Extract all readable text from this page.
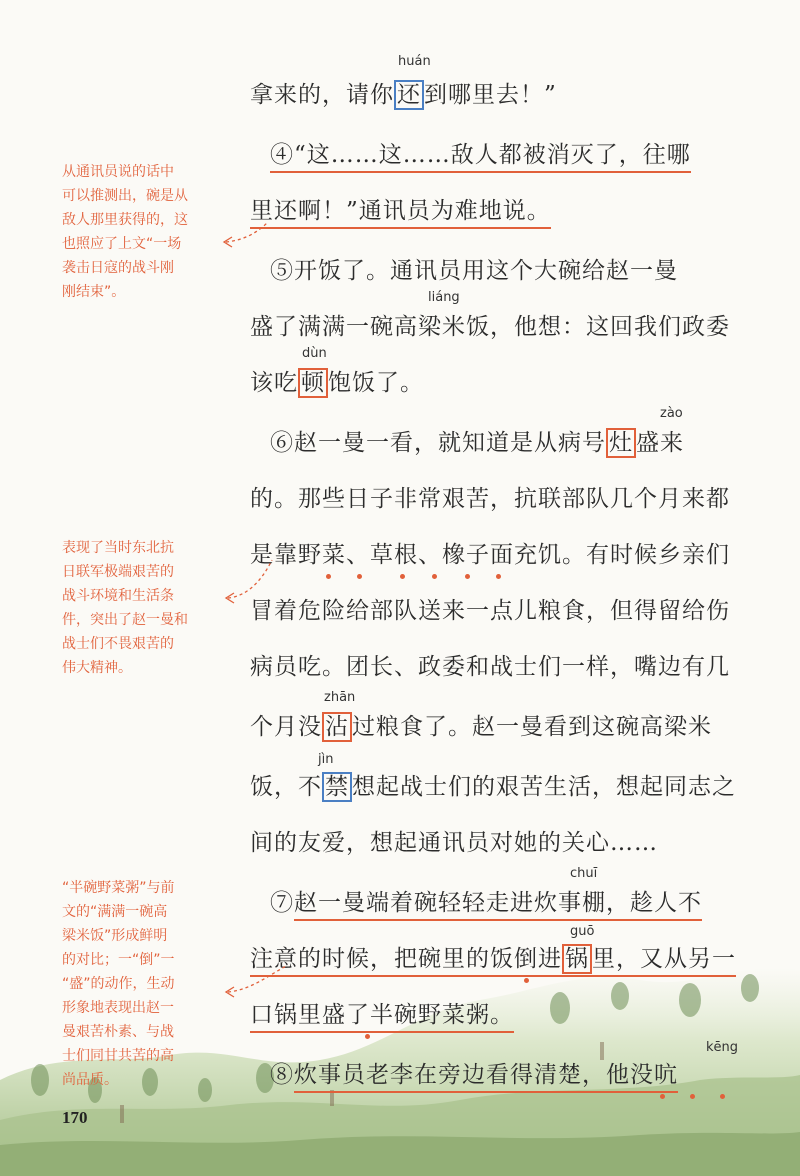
拿来的，请你 还 到哪里去！”
huán
④“这……这……敌人都被消灭了，往哪
里还啊！”通讯员为难地说。
⑤开饭了。通讯员用这个大碗给赵一曼
盛了满满一碗高梁米饭，他想：这回我们政委
liáng
该吃 顿 饱饭了。
dùn
⑥赵一曼一看，就知道是从病号 灶 盛来
zào
的。那些日子非常艰苦，抗联部队几个月来都
是靠野菜、草根、橡子面充饥。有时候乡亲们
冒着危险给部队送来一点儿粮食，但得留给伤
病员吃。团长、政委和战士们一样，嘴边有几
个月没 沾 过粮食了。赵一曼看到这碗高梁米
zhān
饭，不 禁 想起战士们的艰苦生活，想起同志之
jìn
间的友爱，想起通讯员对她的关心……
⑦赵一曼端着碗轻轻走进炊事棚，趁人不
chuī
注意的时候，把碗里的饭倒进 锅 里，又从另一
guō
口锅里盛了半碗野菜粥。
⑧炊事员老李在旁边看得清楚，他没吭
kēng
从通讯员说的话中
可以推测出，碗是从
敌人那里获得的，这
也照应了上文“一场
袭击日寇的战斗刚
刚结束”。
表现了当时东北抗
日联军极端艰苦的
战斗环境和生活条
件，突出了赵一曼和
战士们不畏艰苦的
伟大精神。
“半碗野菜粥”与前
文的“满满一碗高
梁米饭”形成鲜明
的对比；一“倒”一
“盛”的动作，生动
形象地表现出赵一
曼艰苦朴素、与战
士们同甘共苦的高
尚品质。
170
